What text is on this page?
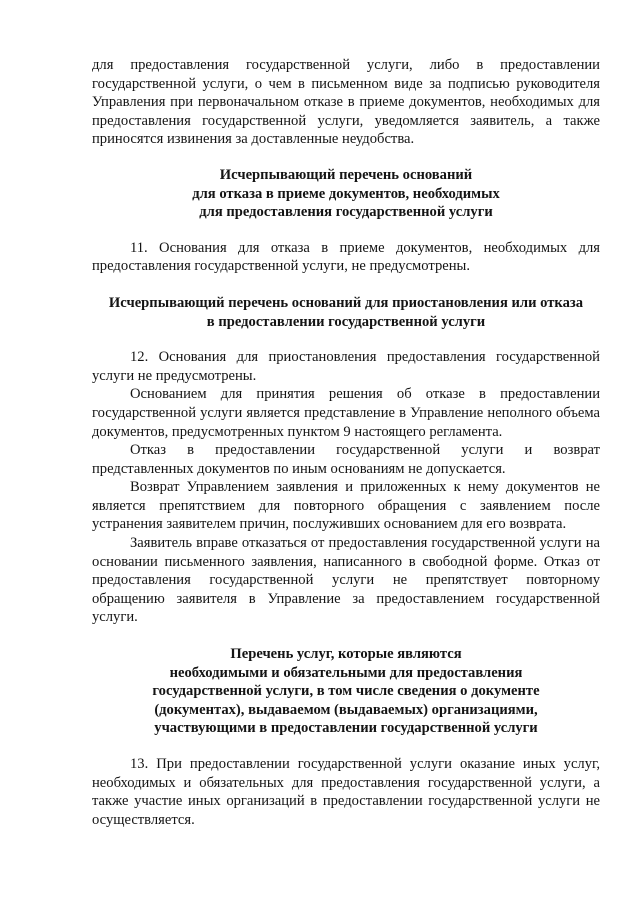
для предоставления государственной услуги, либо в предоставлении государственной услуги, о чем в письменном виде за подписью руководителя Управления при первоначальном отказе в приеме документов, необходимых для предоставления государственной услуги, уведомляется заявитель, а также приносятся извинения за доставленные неудобства.

Исчерпывающий перечень оснований
для отказа в приеме документов, необходимых
для предоставления государственной услуги

11. Основания для отказа в приеме документов, необходимых для предоставления государственной услуги, не предусмотрены.

Исчерпывающий перечень оснований для приостановления или отказа
в предоставлении государственной услуги

12. Основания для приостановления предоставления государственной услуги не предусмотрены.

Основанием для принятия решения об отказе в предоставлении государственной услуги является представление в Управление неполного объема документов, предусмотренных пунктом 9 настоящего регламента.

Отказ в предоставлении государственной услуги и возврат представленных документов по иным основаниям не допускается.

Возврат Управлением заявления и приложенных к нему документов не является препятствием для повторного обращения с заявлением после устранения заявителем причин, послуживших основанием для его возврата.

Заявитель вправе отказаться от предоставления государственной услуги на основании письменного заявления, написанного в свободной форме. Отказ от предоставления государственной услуги не препятствует повторному обращению заявителя в Управление за предоставлением государственной услуги.

Перечень услуг, которые являются
необходимыми и обязательными для предоставления
государственной услуги, в том числе сведения о документе
(документах), выдаваемом (выдаваемых) организациями,
участвующими в предоставлении государственной услуги

13. При предоставлении государственной услуги оказание иных услуг, необходимых и обязательных для предоставления государственной услуги, а также участие иных организаций в предоставлении государственной услуги не осуществляется.
